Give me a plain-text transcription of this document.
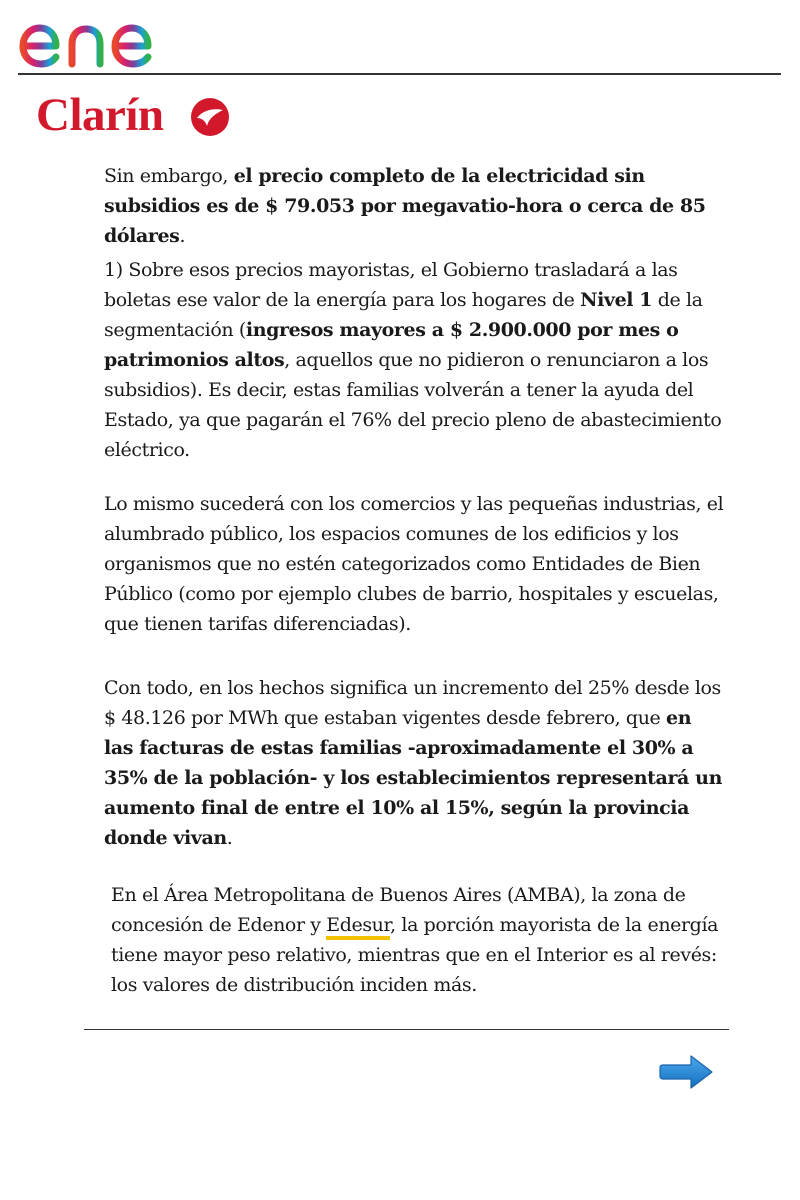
Clarín

Sin embargo, el precio completo de la electricidad sin subsidios es de $ 79.053 por megavatio-hora o cerca de 85 dólares.

1) Sobre esos precios mayoristas, el Gobierno trasladará a las boletas ese valor de la energía para los hogares de Nivel 1 de la segmentación (ingresos mayores a $ 2.900.000 por mes o patrimonios altos, aquellos que no pidieron o renunciaron a los subsidios). Es decir, estas familias volverán a tener la ayuda del Estado, ya que pagarán el 76% del precio pleno de abastecimiento eléctrico.

Lo mismo sucederá con los comercios y las pequeñas industrias, el alumbrado público, los espacios comunes de los edificios y los organismos que no estén categorizados como Entidades de Bien Público (como por ejemplo clubes de barrio, hospitales y escuelas, que tienen tarifas diferenciadas).

Con todo, en los hechos significa un incremento del 25% desde los $ 48.126 por MWh que estaban vigentes desde febrero, que en las facturas de estas familias -aproximadamente el 30% a 35% de la población- y los establecimientos representará un aumento final de entre el 10% al 15%, según la provincia donde vivan.

En el Área Metropolitana de Buenos Aires (AMBA), la zona de concesión de Edenor y Edesur, la porción mayorista de la energía tiene mayor peso relativo, mientras que en el Interior es al revés: los valores de distribución inciden más.
